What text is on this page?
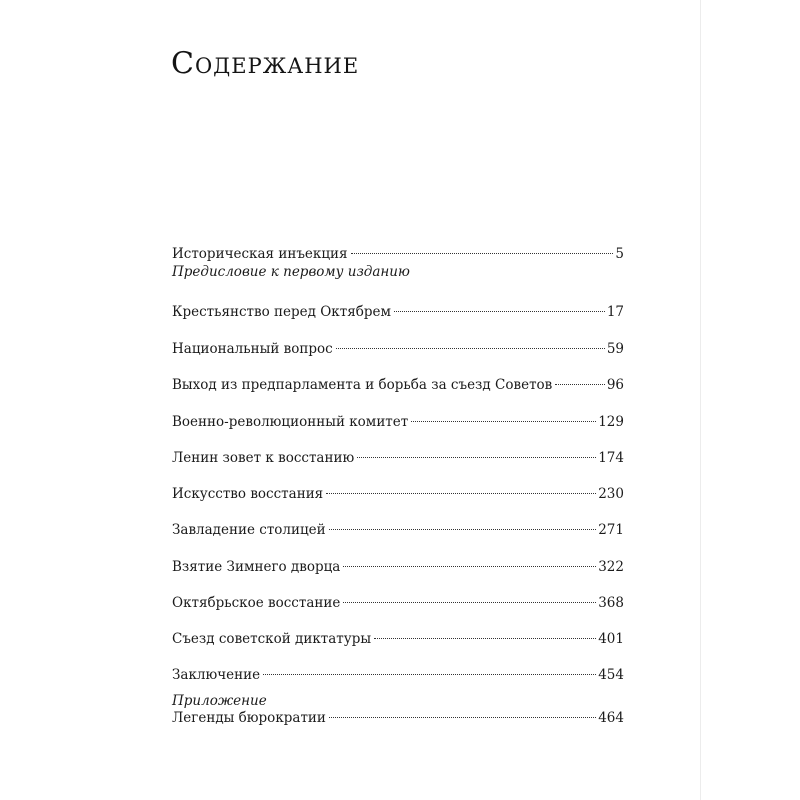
Содержание
Историческая инъекция	5
Предисловие к первому изданию
Крестьянство перед Октябрем	17
Национальный вопрос	59
Выход из предпарламента и борьба за съезд Советов	96
Военно-революционный комитет	129
Ленин зовет к восстанию	174
Искусство восстания	230
Завладение столицей	271
Взятие Зимнего дворца	322
Октябрьское восстание	368
Съезд советской диктатуры	401
Заключение	454
Приложение
Легенды бюрократии	464
